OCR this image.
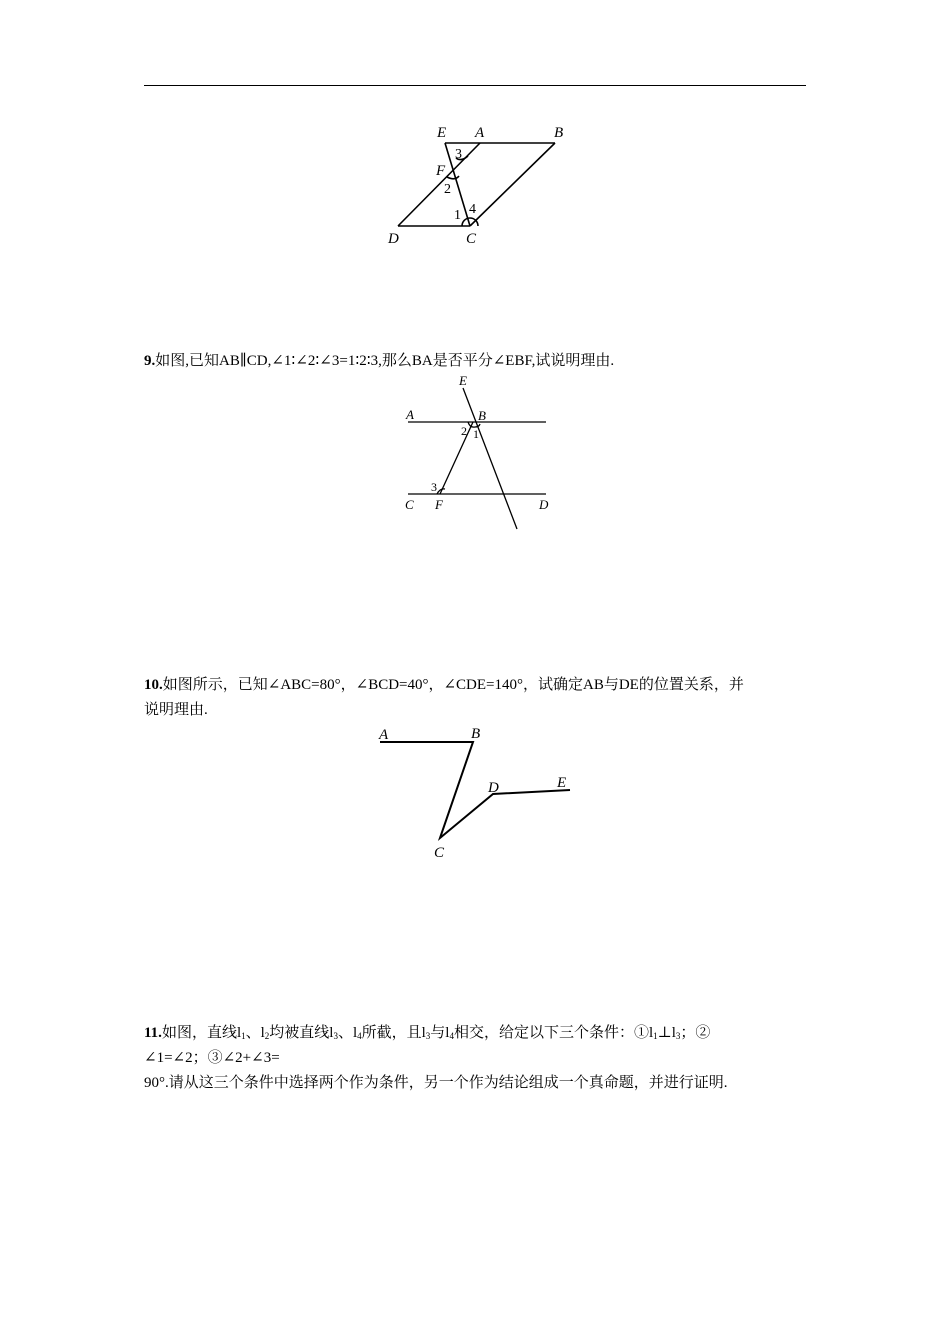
E A	B
F
D	C
3
2
1 4
9.如图,已知AB∥CD,∠1∶∠2∶∠3=1∶2∶3,那么BA是否平分∠EBF,试说明理由.
E
A	B
C F	D
2 1
3
10.如图所示，已知∠ABC=80°，∠BCD=40°，∠CDE=140°，试确定AB与DE的位置关系，并
说明理由.
A	B
D	E
C
11.如图，直线$l_1$、$l_2$均被直线$l_3$、$l_4$所截，且$l_3$与$l_4$相交，给定以下三个条件：$①l_1\perp l_3$；②
∠1=∠2；③∠2+∠3=
90°.请从这三个条件中选择两个作为条件，另一个作为结论组成一个真命题，并进行证明.
